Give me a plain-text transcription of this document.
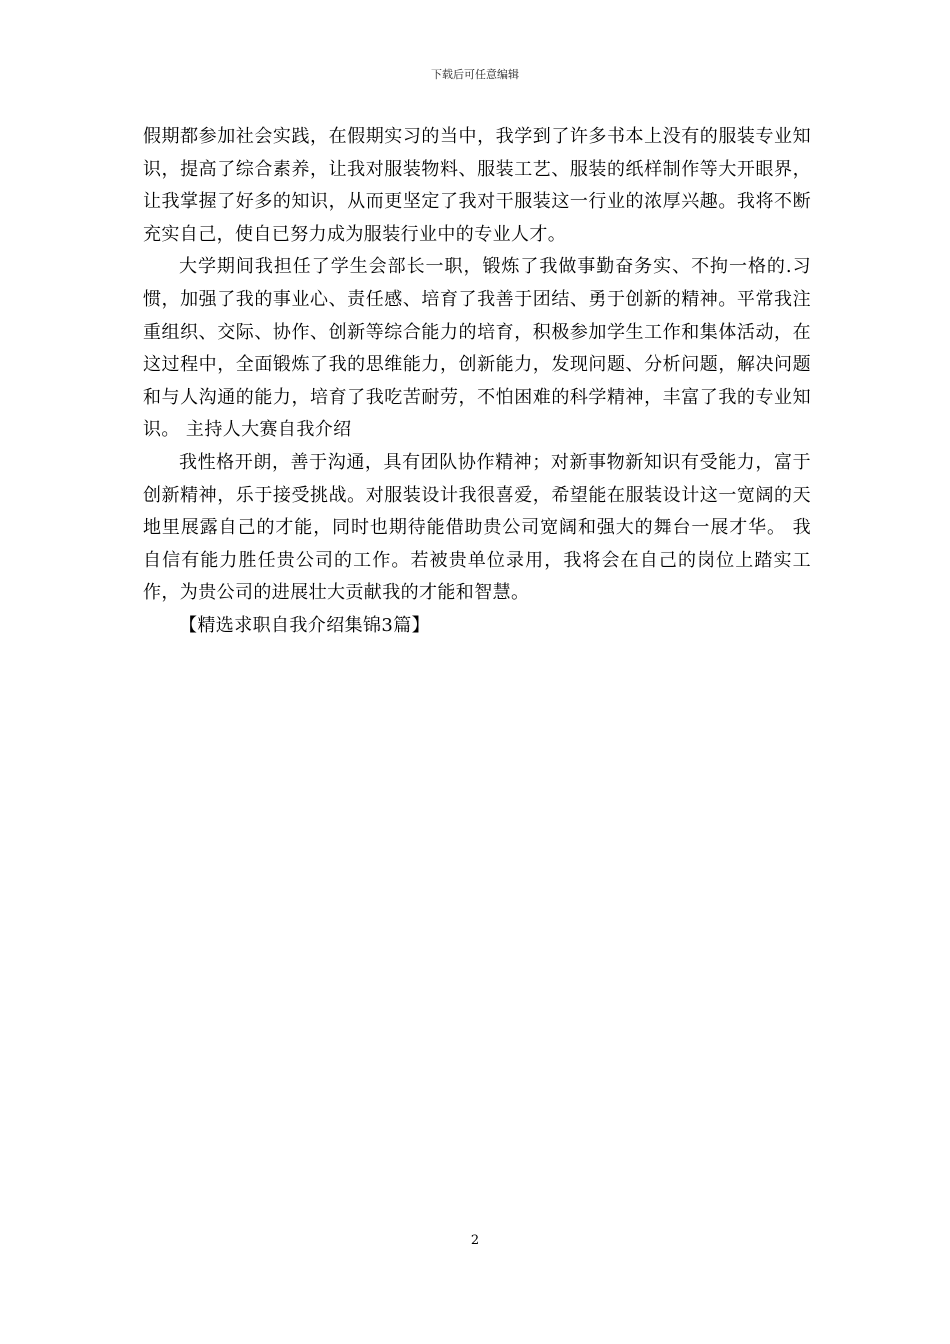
下载后可任意编辑

假期都参加社会实践，在假期实习的当中，我学到了许多书本上没有的服装专业知识，提高了综合素养，让我对服装物料、服装工艺、服装的纸样制作等大开眼界，让我掌握了好多的知识，从而更坚定了我对干服装这一行业的浓厚兴趣。我将不断充实自己，使自已努力成为服装行业中的专业人才。

大学期间我担任了学生会部长一职，锻炼了我做事勤奋务实、不拘一格的.习惯，加强了我的事业心、责任感、培育了我善于团结、勇于创新的精神。平常我注重组织、交际、协作、创新等综合能力的培育，积极参加学生工作和集体活动，在这过程中，全面锻炼了我的思维能力，创新能力，发现问题、分析问题，解决问题和与人沟通的能力，培育了我吃苦耐劳，不怕困难的科学精神，丰富了我的专业知识。 主持人大赛自我介绍

我性格开朗，善于沟通，具有团队协作精神；对新事物新知识有受能力，富于创新精神，乐于接受挑战。对服装设计我很喜爱，希望能在服装设计这一宽阔的天地里展露自己的才能，同时也期待能借助贵公司宽阔和强大的舞台一展才华。 我自信有能力胜任贵公司的工作。若被贵单位录用，我将会在自己的岗位上踏实工作，为贵公司的进展壮大贡献我的才能和智慧。

【精选求职自我介绍集锦3篇】

2
